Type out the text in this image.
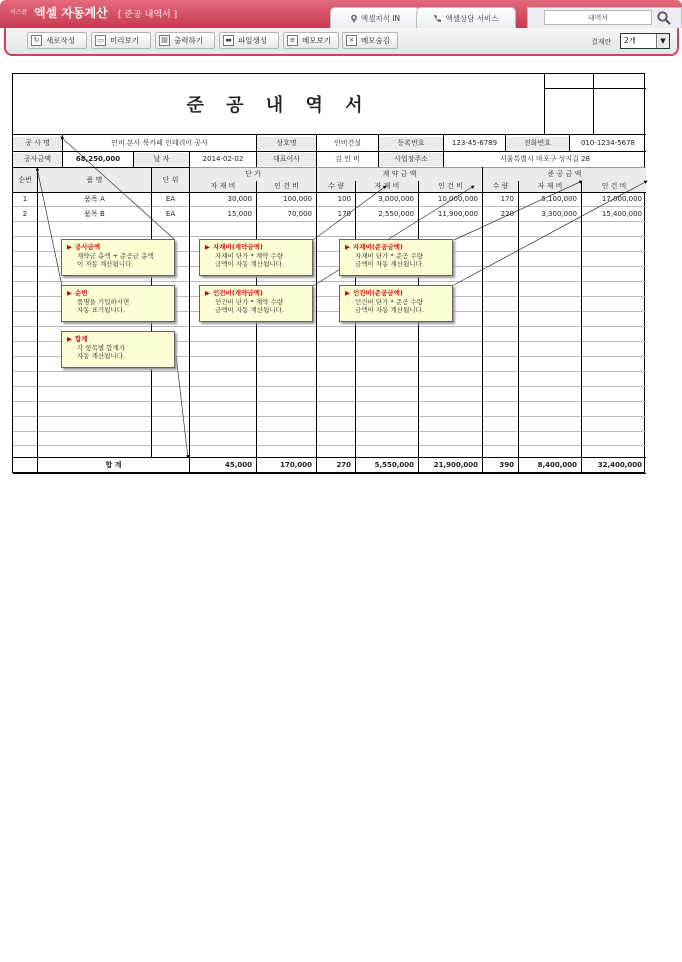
비즈폼 엑셀 자동계산 [ 준공 내역서 ]	엑셀지식 IN	엑셀상담 서비스
내역서
↻ 새로작성	▭ 미리보기	▤ 출력하기	▬ 파일생성	≡ 메모보기	× 메모숨김	결재란	2개	▼
준 공 내 역 서
공 사 명	인비 본사 북카페 인테리어 공사	상호명	인비건설	등록번호	123-45-6789	전화번호	010-1234-5678
공사금액	68,250,000	날 자	2014-02-02	대표이사	김 인 비	사업장주소	서울특별시 마포구 성지길 28
순번	품 명	단 위
단 가	계 약 금 액	준 공 금 액
자 재 비	인 건 비	수 량	자 재 비	인 건 비	수 량	자 재 비	인 건 비
1	품목 A	EA	30,000	100,000	100	3,000,000	10,000,000	170	5,100,000	17,000,000
2	품목 B	EA	15,000	70,000	170	2,550,000	11,900,000	220	3,300,000	15,400,000
합 계	45,000	170,000	270	5,550,000	21,900,000	390	8,400,000	32,400,000
▶ 공사금액
계약금 총액 + 준공금 총액
이 자동 계산됩니다.
▶ 자재비(계약금액)
자재비 단가 * 계약 수량
금액이 자동 계산됩니다.
▶ 자재비(준공금액)
자재비 단가 * 준공 수량
금액이 자동 계산됩니다.
▶ 순번
품명을 기입하시면
자동 표기됩니다.
▶ 인건비(계약금액)
인건비 단가 * 계약 수량
금액이 자동 계산됩니다.
▶ 인건비(준공금액)
인건비 단가 * 준공 수량
금액이 자동 계산됩니다.
▶ 합계
각 항목별 합계가
자동 계산됩니다.
